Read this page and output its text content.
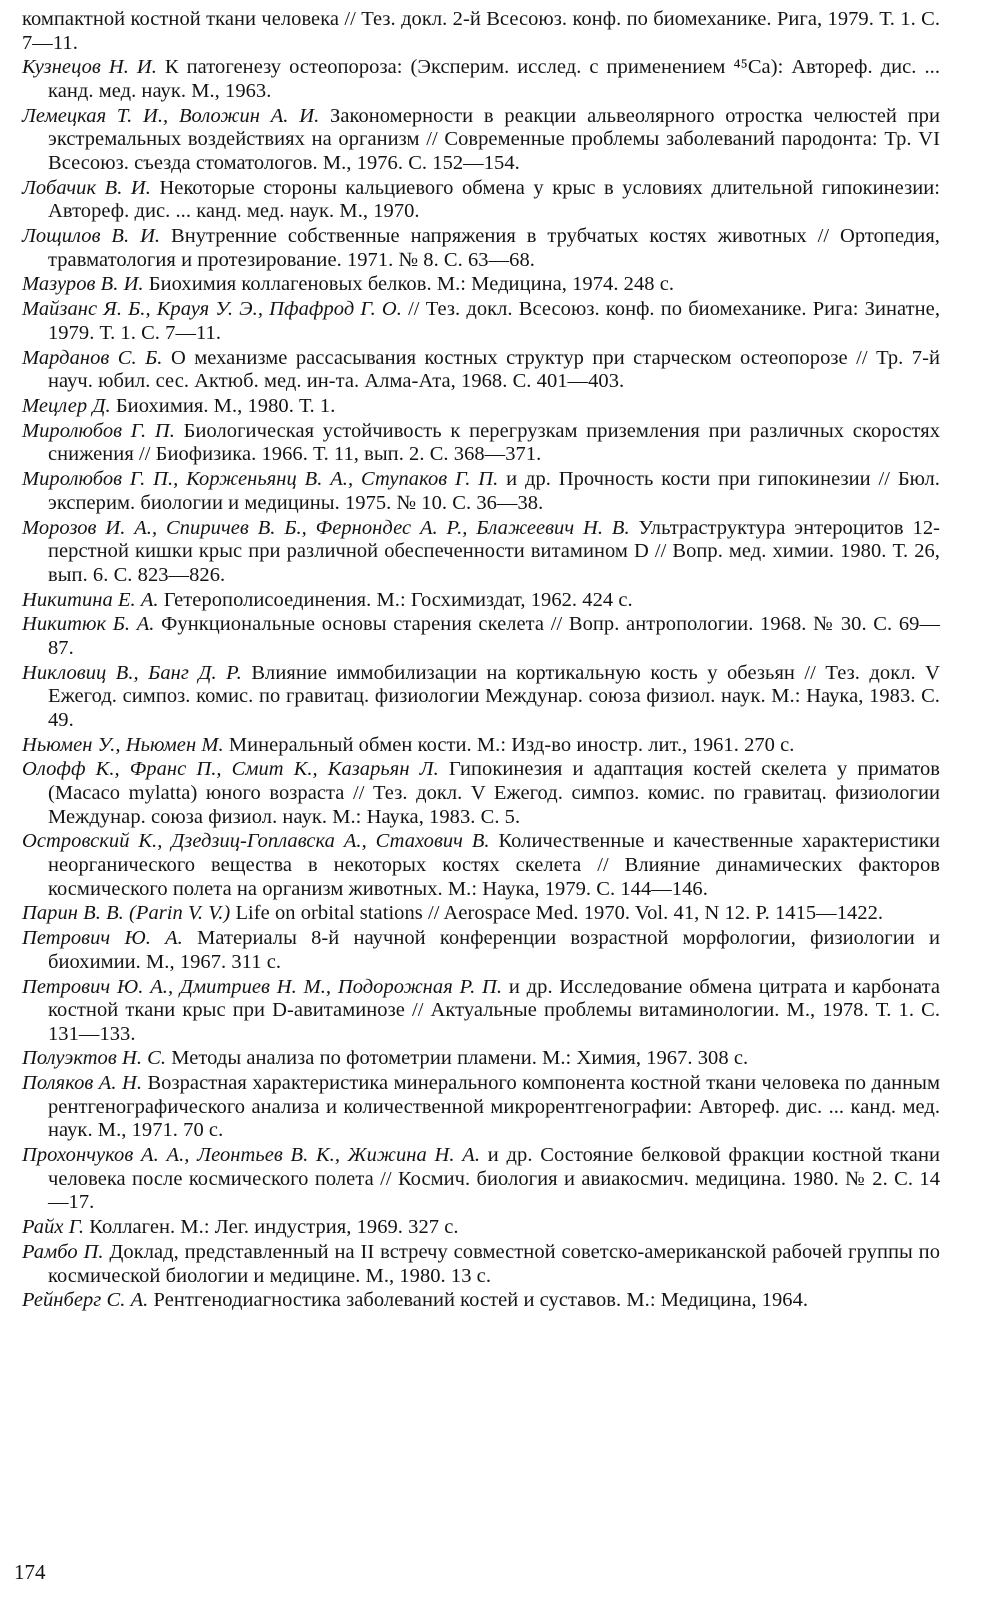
компактной костной ткани человека // Тез. докл. 2-й Всесоюз. конф. по биомеханике. Рига, 1979. Т. 1. С. 7—11.

Кузнецов Н. И. К патогенезу остеопороза: (Эксперим. исслед. с применением ⁴⁵Са): Автореф. дис. ... канд. мед. наук. М., 1963.

Лемецкая Т. И., Воложин А. И. Закономерности в реакции альвеолярного отростка челюстей при экстремальных воздействиях на организм // Современные проблемы заболеваний пародонта: Тр. VI Всесоюз. съезда стоматологов. М., 1976. С. 152—154.

Лобачик В. И. Некоторые стороны кальциевого обмена у крыс в условиях длительной гипокинезии: Автореф. дис. ... канд. мед. наук. М., 1970.

Лощилов В. И. Внутренние собственные напряжения в трубчатых костях животных // Ортопедия, травматология и протезирование. 1971. № 8. С. 63—68.

Мазуров В. И. Биохимия коллагеновых белков. М.: Медицина, 1974. 248 с.

Майзанс Я. Б., Крауя У. Э., Пфафрод Г. О. // Тез. докл. Всесоюз. конф. по биомеханике. Рига: Зинатне, 1979. Т. 1. С. 7—11.

Марданов С. Б. О механизме рассасывания костных структур при старческом остеопорозе // Тр. 7-й науч. юбил. сес. Актюб. мед. ин-та. Алма-Ата, 1968. С. 401—403.

Мецлер Д. Биохимия. М., 1980. Т. 1.

Миролюбов Г. П. Биологическая устойчивость к перегрузкам приземления при различных скоростях снижения // Биофизика. 1966. Т. 11, вып. 2. С. 368—371.

Миролюбов Г. П., Корженьянц В. А., Ступаков Г. П. и др. Прочность кости при гипокинезии // Бюл. эксперим. биологии и медицины. 1975. № 10. С. 36—38.

Морозов И. А., Спиричев В. Б., Фернондес А. Р., Блажеевич Н. В. Ультраструктура энтероцитов 12-перстной кишки крыс при различной обеспеченности витамином D // Вопр. мед. химии. 1980. Т. 26, вып. 6. С. 823—826.

Никитина Е. А. Гетерополисоединения. М.: Госхимиздат, 1962. 424 с.

Никитюк Б. А. Функциональные основы старения скелета // Вопр. антропологии. 1968. № 30. С. 69—87.

Никловиц В., Банг Д. Р. Влияние иммобилизации на кортикальную кость у обезьян // Тез. докл. V Ежегод. симпоз. комис. по гравитац. физиологии Междунар. союза физиол. наук. М.: Наука, 1983. С. 49.

Ньюмен У., Ньюмен М. Минеральный обмен кости. М.: Изд-во иностр. лит., 1961. 270 с.

Олофф К., Франс П., Смит К., Казарьян Л. Гипокинезия и адаптация костей скелета у приматов (Macaco mylatta) юного возраста // Тез. докл. V Ежегод. симпоз. комис. по гравитац. физиологии Междунар. союза физиол. наук. М.: Наука, 1983. С. 5.

Островский К., Дзедзиц-Гоплавска А., Стахович В. Количественные и качественные характеристики неорганического вещества в некоторых костях скелета // Влияние динамических факторов космического полета на организм животных. М.: Наука, 1979. С. 144—146.

Парин В. В. (Parin V. V.) Life on orbital stations // Aerospace Med. 1970. Vol. 41, N 12. P. 1415—1422.

Петрович Ю. А. Материалы 8-й научной конференции возрастной морфологии, физиологии и биохимии. М., 1967. 311 с.

Петрович Ю. А., Дмитриев Н. М., Подорожная Р. П. и др. Исследование обмена цитрата и карбоната костной ткани крыс при D-авитаминозе // Актуальные проблемы витаминологии. М., 1978. Т. 1. С. 131—133.

Полуэктов Н. С. Методы анализа по фотометрии пламени. М.: Химия, 1967. 308 с.

Поляков А. Н. Возрастная характеристика минерального компонента костной ткани человека по данным рентгенографического анализа и количественной микрорентгенографии: Автореф. дис. ... канд. мед. наук. М., 1971. 70 с.

Прохончуков А. А., Леонтьев В. К., Жижина Н. А. и др. Состояние белковой фракции костной ткани человека после космического полета // Космич. биология и авиакосмич. медицина. 1980. № 2. С. 14—17.

Райх Г. Коллаген. М.: Лег. индустрия, 1969. 327 с.

Рамбо П. Доклад, представленный на II встречу совместной советско-американской рабочей группы по космической биологии и медицине. М., 1980. 13 с.

Рейнберг С. А. Рентгенодиагностика заболеваний костей и суставов. М.: Медицина, 1964.

174
